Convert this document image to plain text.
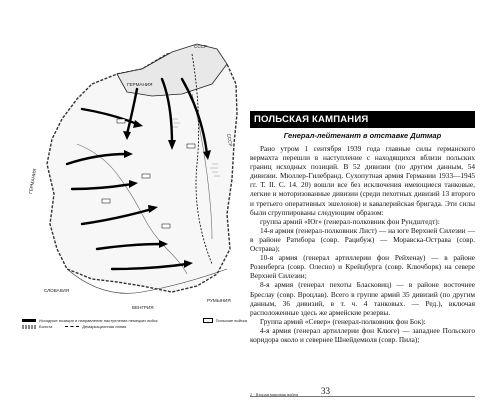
СССР
ГЕРМАНИЯ
ГЕРМАНИЯ
СЛОВАКИЯ
ВЕНГРИЯ
РУМЫНИЯ
СССР
Исходные позиции и направление наступления немецких войск	Польские войска
Болота	Демаркационная линия
ПОЛЬСКАЯ КАМПАНИЯ
Генерал-лейтенант в отставке Дитмар

Рано утром 1 сентября 1939 года главные силы германского вермахта перешли в наступление с находящихся вблизи польских границ исходных позиций. В 52 дивизии (по другим данным, 54 дивизии. Мюллер-Гилебранд. Сухопутная армия Германии 1933—1945 гг. Т. II. С. 14. 20) вошли все без исключения имеющиеся танковые, легкие и моторизованные дивизии (среди пехотных дивизий 13 второго и третьего оперативных эшелонов) и кавалерийская бригада. Эти силы были сгруппированы следующим образом:

группа армий «Юг» (генерал-полковник фон Рундштедт):

14-я армия (генерал-полковник Лист) — на юге Верхней Силезии — в районе Ратибора (совр. Рацибуж) — Моравска-Остравa (совр. Острава);

10-я армия (генерал артиллерии фон Рейхенау) — в районе Розенберга (совр. Олесно) и Крейцбурга (совр. Ключборк) на севере Верхней Силезии;

8-я армия (генерал пехоты Бласковиц) — в районе восточнее Бреслау (совр. Вроцлав). Всего в группе армий 35 дивизий (по другим данным, 36 дивизий, в т. ч. 4 танковых. — Ред.), включая расположенные здесь же армейские резервы.

Группа армий «Север» (генерал-полковник фон Бок):

4-я армия (генерал артиллерии фон Клюге) — западнее Польского коридора около и севернее Шнейдемюля (совр. Пила);

2 · Вторая мировая война	33
